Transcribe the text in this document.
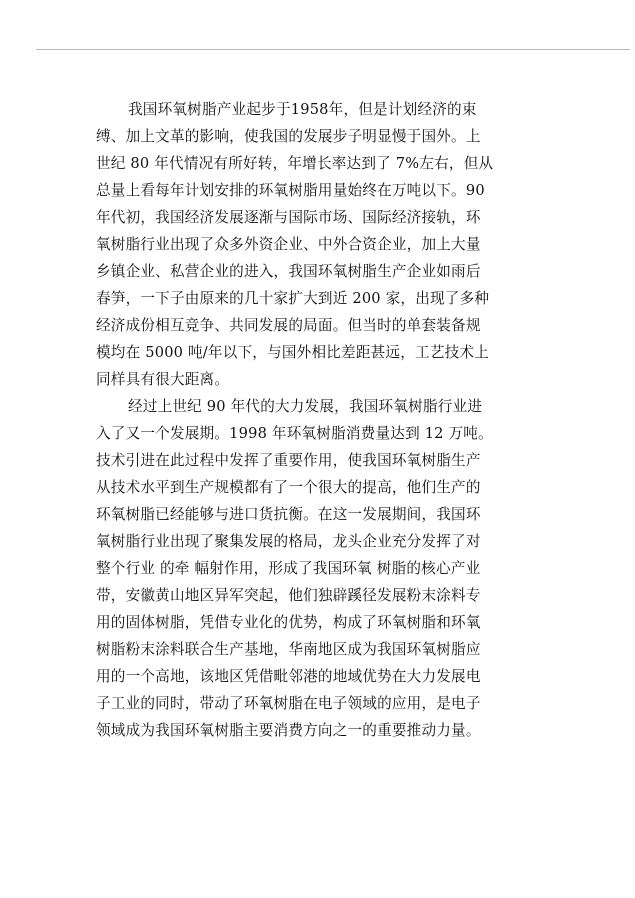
我国环氧树脂产业起步于1958年，但是计划经济的束
缚、加上文革的影响，使我国的发展步子明显慢于国外。上
世纪 80 年代情况有所好转，年增长率达到了 7%左右，但从
总量上看每年计划安排的环氧树脂用量始终在万吨以下。90
年代初，我国经济发展逐渐与国际市场、国际经济接轨，环
氧树脂行业出现了众多外资企业、中外合资企业，加上大量
乡镇企业、私营企业的进入，我国环氧树脂生产企业如雨后
春笋，一下子由原来的几十家扩大到近 200 家，出现了多种
经济成份相互竞争、共同发展的局面。但当时的单套装备规
模均在 5000 吨/年以下，与国外相比差距甚远，工艺技术上
同样具有很大距离。
经过上世纪 90 年代的大力发展，我国环氧树脂行业进
入了又一个发展期。1998 年环氧树脂消费量达到 12 万吨。
技术引进在此过程中发挥了重要作用，使我国环氧树脂生产
从技术水平到生产规模都有了一个很大的提高，他们生产的
环氧树脂已经能够与进口货抗衡。在这一发展期间，我国环
氧树脂行业出现了聚集发展的格局，龙头企业充分发挥了对
整个行业 的牵 幅射作用，形成了我国环氧 树脂的核心产业
带，安徽黄山地区异军突起，他们独辟蹊径发展粉末涂料专
用的固体树脂，凭借专业化的优势，构成了环氧树脂和环氧
树脂粉末涂料联合生产基地，华南地区成为我国环氧树脂应
用的一个高地，该地区凭借毗邻港的地域优势在大力发展电
子工业的同时，带动了环氧树脂在电子领域的应用，是电子
领域成为我国环氧树脂主要消费方向之一的重要推动力量。
